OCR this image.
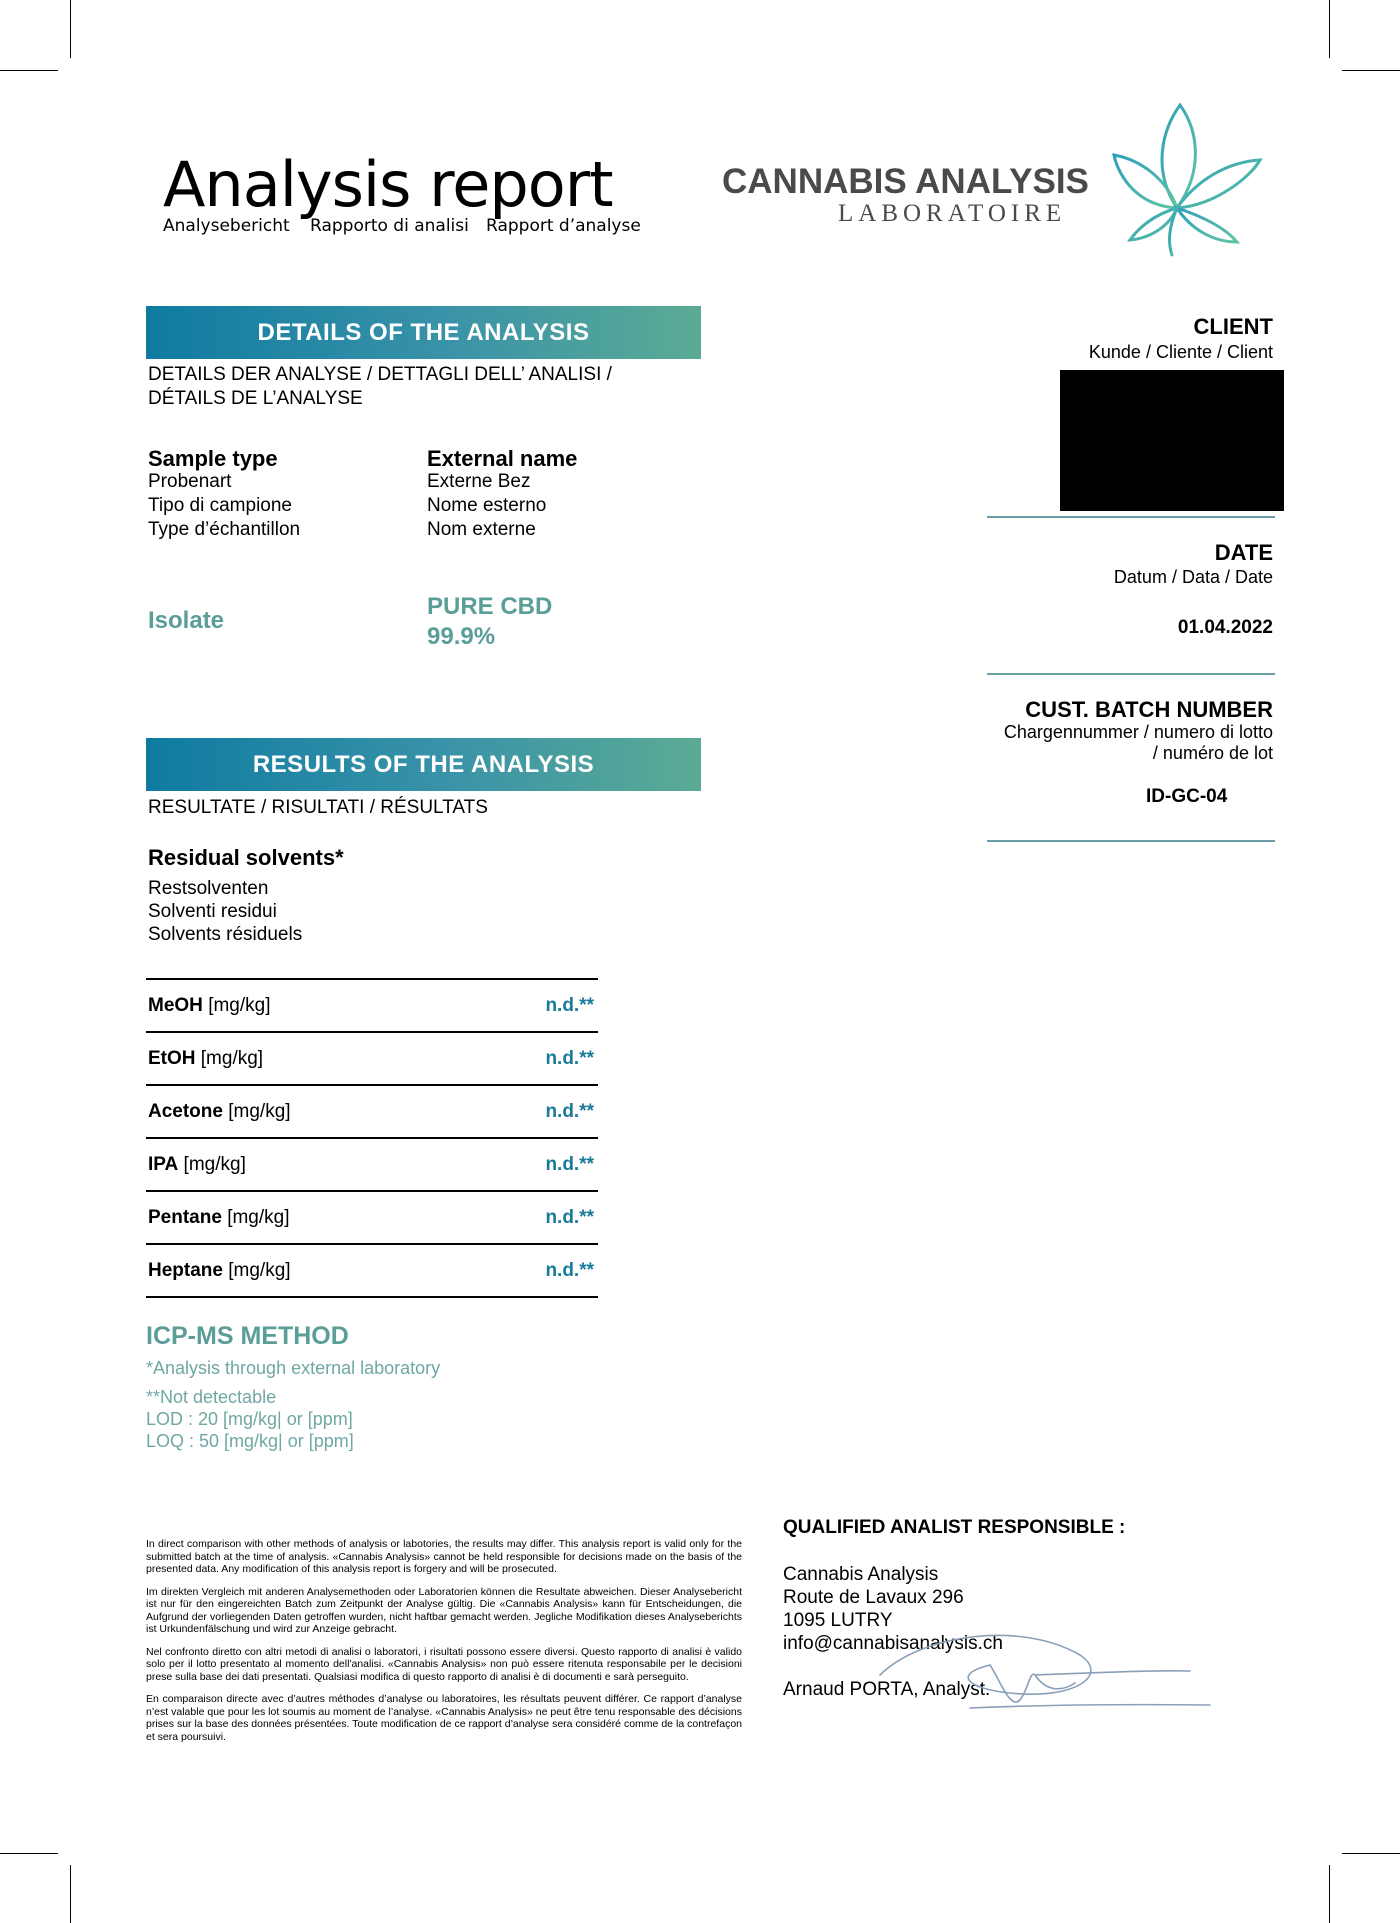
Analysis report
Analysebericht Rapporto di analisi Rapport d’analyse
CANNABIS ANALYSIS
LABORATOIRE
DETAILS OF THE ANALYSIS
DETAILS DER ANALYSE / DETTAGLI DELL’ ANALISI /
DÉTAILS DE L’ANALYSE
Sample type
Probenart
Tipo di campione
Type d’échantillon
Isolate
External name
Externe Bez
Nome esterno
Nom externe
PURE CBD
99.9%
CLIENT
Kunde / Cliente / Client
DATE
Datum / Data / Date
01.04.2022
CUST. BATCH NUMBER
Chargennummer / numero di lotto
/ numéro de lot
ID-GC-04
RESULTS OF THE ANALYSIS
RESULTATE / RISULTATI / RÉSULTATS
Residual solvents*
Restsolventen
Solventi residui
Solvents résiduels
MeOH [mg/kg]	n.d.**
EtOH [mg/kg]	n.d.**
Acetone [mg/kg]	n.d.**
IPA [mg/kg]	n.d.**
Pentane [mg/kg]	n.d.**
Heptane [mg/kg]	n.d.**
ICP-MS METHOD
*Analysis through external laboratory
**Not detectable
LOD : 20 [mg/kg| or [ppm]
LOQ : 50 [mg/kg| or [ppm]

In direct comparison with other methods of analysis or labotories, the results may differ. This analysis report is valid only for the submitted batch at the time of analysis. «Cannabis Analysis» cannot be held responsible for decisions made on the basis of the presented data. Any modification of this analysis report is forgery and will be prosecuted.

Im direkten Vergleich mit anderen Analysemethoden oder Laboratorien können die Resultate abweichen. Dieser Analysebericht ist nur für den eingereichten Batch zum Zeitpunkt der Analyse gültig. Die «Cannabis Analysis» kann für Entscheidungen, die Aufgrund der vorliegenden Daten getroffen wurden, nicht haftbar gemacht werden. Jegliche Modifikation dieses Analyseberichts ist Urkundenfälschung und wird zur Anzeige gebracht.

Nel confronto diretto con altri metodi di analisi o laboratori, i risultati possono essere diversi. Questo rapporto di analisi è valido solo per il lotto presentato al momento dell'analisi. «Cannabis Analysis» non può essere ritenuta responsabile per le decisioni prese sulla base dei dati presentati. Qualsiasi modifica di questo rapporto di analisi è di documenti e sarà perseguito.

En comparaison directe avec d’autres méthodes d’analyse ou laboratoires, les résultats peuvent différer. Ce rapport d’analyse n’est valable que pour les lot soumis au moment de l’analyse. «Cannabis Analysis» ne peut être tenu responsable des décisions prises sur la base des données présentées. Toute modification de ce rapport d’analyse sera considéré comme de la contrefaçon et sera poursuivi.

QUALIFIED ANALIST RESPONSIBLE :
Cannabis Analysis
Route de Lavaux 296
1095 LUTRY
info@cannabisanalysis.ch
Arnaud PORTA, Analyst.
